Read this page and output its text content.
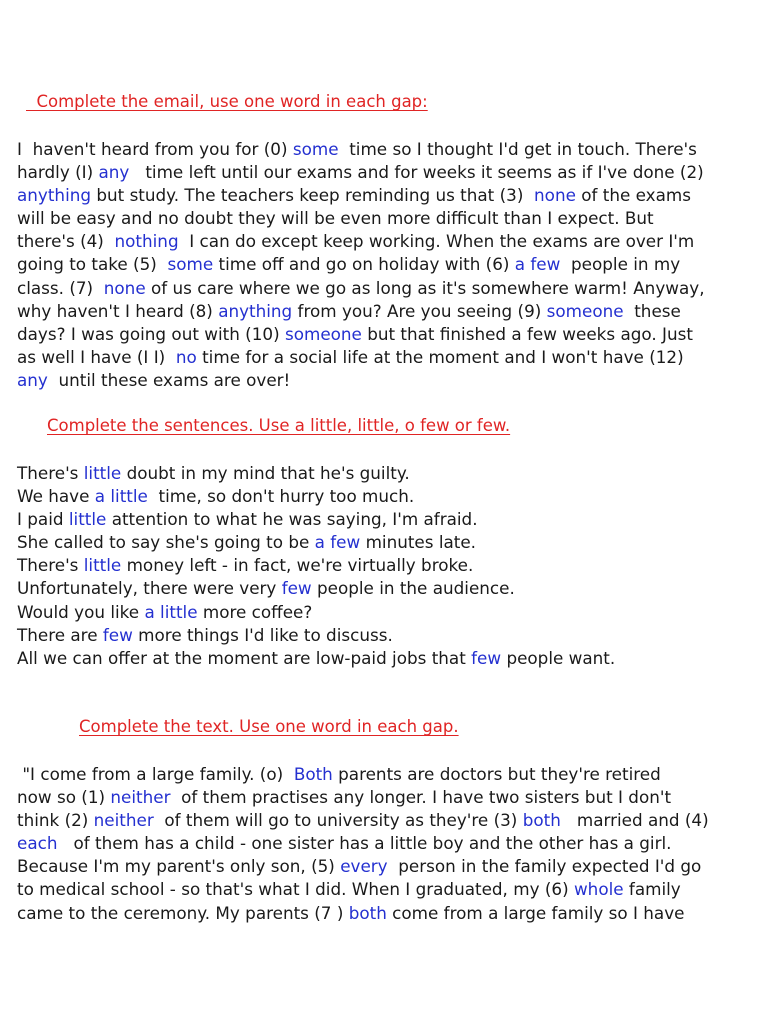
Complete the email, use one word in each gap:
I  haven't heard from you for (0) some  time so I thought I'd get in touch. There's
hardly (I) any   time left until our exams and for weeks it seems as if I've done (2)
anything but study. The teachers keep reminding us that (3)  none of the exams
will be easy and no doubt they will be even more difficult than I expect. But
there's (4)  nothing  I can do except keep working. When the exams are over I'm
going to take (5)  some time off and go on holiday with (6) a few  people in my
class. (7)  none of us care where we go as long as it's somewhere warm! Anyway,
why haven't I heard (8) anything from you? Are you seeing (9) someone  these
days? I was going out with (10) someone but that finished a few weeks ago. Just
as well I have (I I)  no time for a social life at the moment and I won't have (12)
any  until these exams are over!
Complete the sentences. Use a little, little, o few or few.
There's little doubt in my mind that he's guilty.
We have a little  time, so don't hurry too much.
I paid little attention to what he was saying, I'm afraid.
She called to say she's going to be a few minutes late.
There's little money left - in fact, we're virtually broke.
Unfortunately, there were very few people in the audience.
Would you like a little more coffee?
There are few more things I'd like to discuss.
All we can offer at the moment are low-paid jobs that few people want.
Complete the text. Use one word in each gap.
"I come from a large family. (o)  Both parents are doctors but they're retired
now so (1) neither  of them practises any longer. I have two sisters but I don't
think (2) neither  of them will go to university as they're (3) both   married and (4)
each   of them has a child - one sister has a little boy and the other has a girl.
Because I'm my parent's only son, (5) every  person in the family expected I'd go
to medical school - so that's what I did. When I graduated, my (6) whole family
came to the ceremony. My parents (7 ) both come from a large family so I have
